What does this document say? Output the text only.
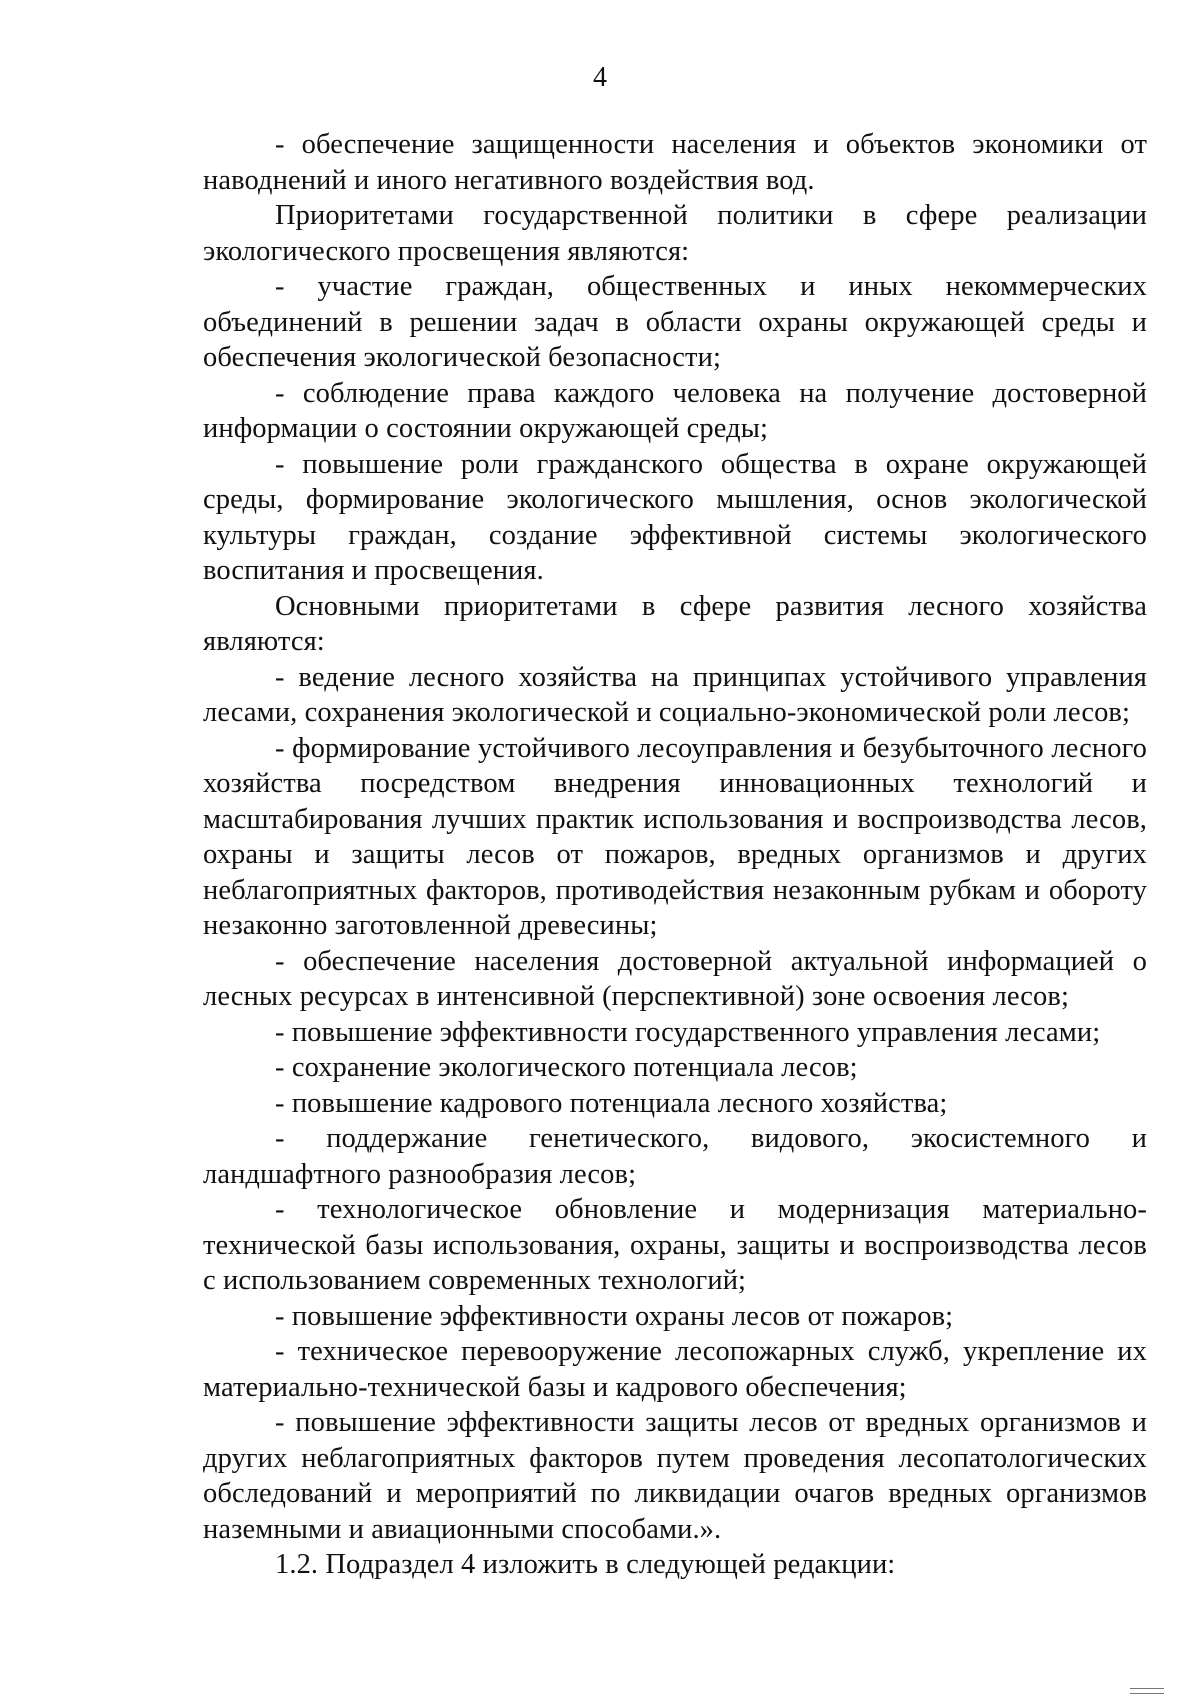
4

- обеспечение защищенности населения и объектов экономики от наводнений и иного негативного воздействия вод.

Приоритетами государственной политики в сфере реализации экологического просвещения являются:

- участие граждан, общественных и иных некоммерческих объединений в решении задач в области охраны окружающей среды и обеспечения экологической безопасности;

- соблюдение права каждого человека на получение достоверной информации о состоянии окружающей среды;

- повышение роли гражданского общества в охране окружающей среды, формирование экологического мышления, основ экологической культуры граждан, создание эффективной системы экологического воспитания и просвещения.

Основными приоритетами в сфере развития лесного хозяйства являются:

- ведение лесного хозяйства на принципах устойчивого управления лесами, сохранения экологической и социально-экономической роли лесов;

- формирование устойчивого лесоуправления и безубыточного лесного хозяйства посредством внедрения инновационных технологий и масштабирования лучших практик использования и воспроизводства лесов, охраны и защиты лесов от пожаров, вредных организмов и других неблагоприятных факторов, противодействия незаконным рубкам и обороту незаконно заготовленной древесины;

- обеспечение населения достоверной актуальной информацией о лесных ресурсах в интенсивной (перспективной) зоне освоения лесов;

- повышение эффективности государственного управления лесами;

- сохранение экологического потенциала лесов;

- повышение кадрового потенциала лесного хозяйства;

- поддержание генетического, видового, экосистемного и ландшафтного разнообразия лесов;

- технологическое обновление и модернизация материально-технической базы использования, охраны, защиты и воспроизводства лесов с использованием современных технологий;

- повышение эффективности охраны лесов от пожаров;

- техническое перевооружение лесопожарных служб, укрепление их материально-технической базы и кадрового обеспечения;

- повышение эффективности защиты лесов от вредных организмов и других неблагоприятных факторов путем проведения лесопатологических обследований и мероприятий по ликвидации очагов вредных организмов наземными и авиационными способами.».

1.2. Подраздел 4 изложить в следующей редакции:
